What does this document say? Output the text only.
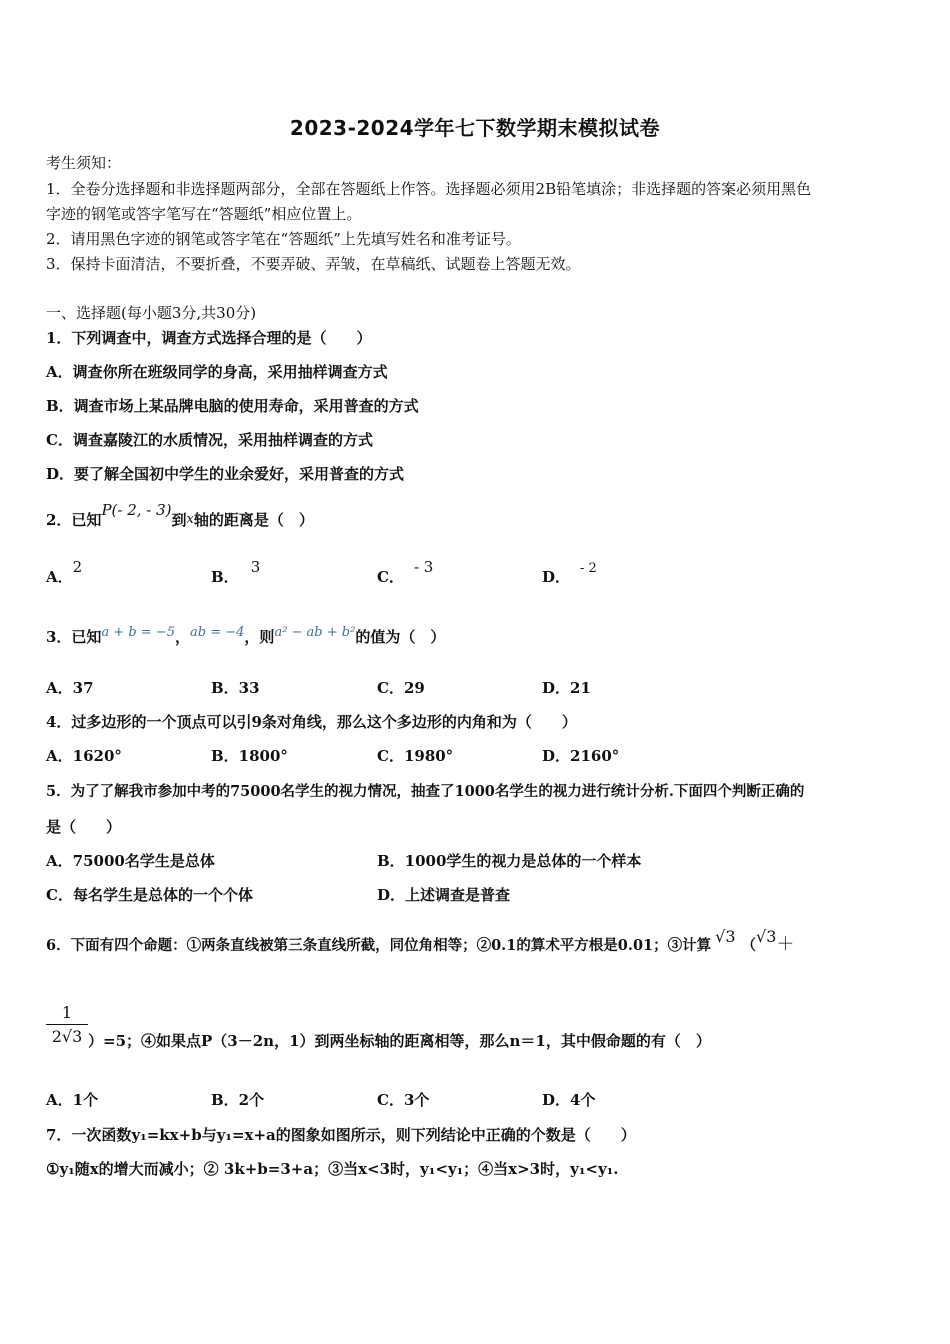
2023-2024学年七下数学期末模拟试卷
考生须知：
1．全卷分选择题和非选择题两部分，全部在答题纸上作答。选择题必须用2B铅笔填涂；非选择题的答案必须用黑色
字迹的钢笔或答字笔写在“答题纸”相应位置上。
2．请用黑色字迹的钢笔或答字笔在“答题纸”上先填写姓名和准考证号。
3．保持卡面清洁，不要折叠，不要弄破、弄皱，在草稿纸、试题卷上答题无效。
一、选择题(每小题3分,共30分)
1．下列调查中，调查方式选择合理的是（　　）
A．调查你所在班级同学的身高，采用抽样调查方式
B．调查市场上某品牌电脑的使用寿命，采用普查的方式
C．调查嘉陵江的水质情况，采用抽样调查的方式
D．要了解全国初中学生的业余爱好，采用普查的方式
2．已知P(- 2, - 3)到x轴的距离是（　）
A．2
B．3
C．- 3
D． - 2
3．已知a + b = −5，ab = −4，则a² − ab + b²的值为（　）
A．37	B．33	C．29	D．21
4．过多边形的一个顶点可以引9条对角线，那么这个多边形的内角和为（　　）
A．1620°	B．1800°	C．1980°	D．2160°
5．为了了解我市参加中考的75000名学生的视力情况，抽查了1000名学生的视力进行统计分析.下面四个判断正确的
是（　　）
A．75000名学生是总体	B．1000学生的视力是总体的一个样本
C．每名学生是总体的一个个体	D．上述调查是普查
6．下面有四个命题：①两条直线被第三条直线所截，同位角相等；②0.1的算术平方根是0.01；③计算 √3 （√3＋
$\frac{1}{2√3} )=5$；④如果点P（3－2n，1）到两坐标轴的距离相等，那么n＝1，其中假命题的有（　）
A．1个	B．2个	C．3个	D．4个
7．一次函数y₁=kx+b与y₁=x+a的图象如图所示，则下列结论中正确的个数是（　　）
①y₁随x的增大而减小；② 3k+b=3+a；③当x<3时，y₁<y₁；④当x>3时，y₁<y₁.
